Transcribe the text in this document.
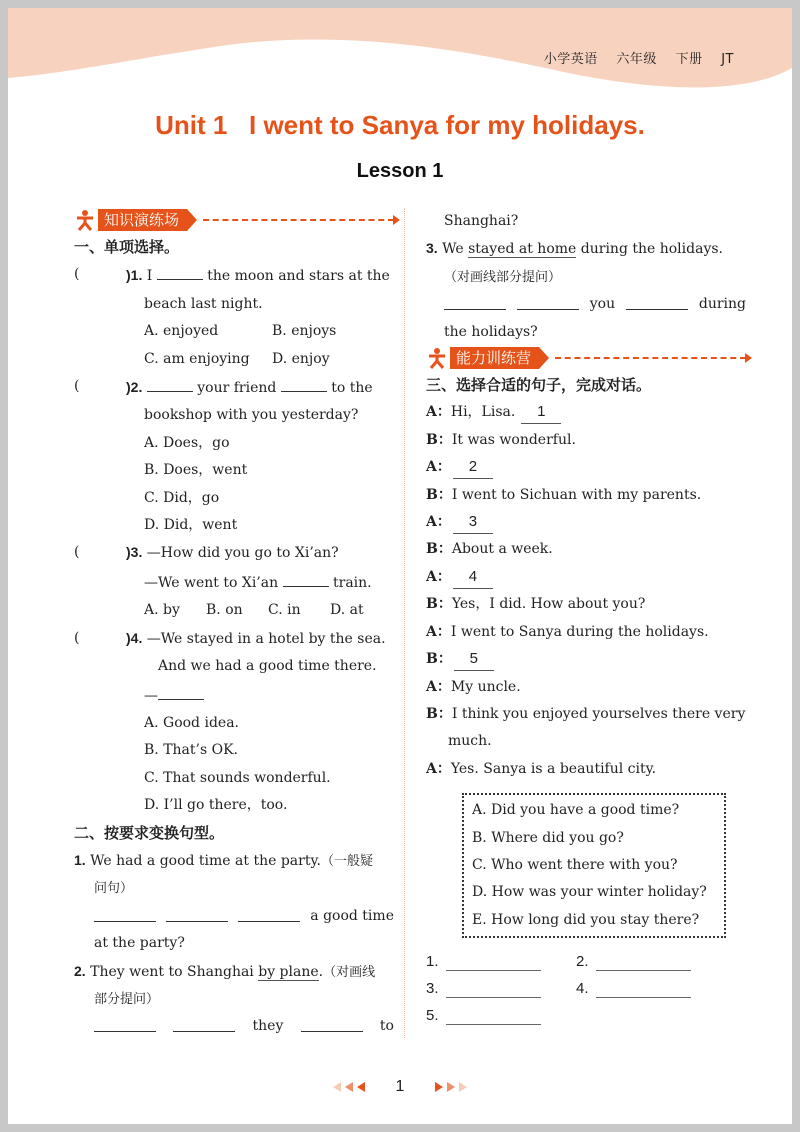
小学英语 六年级 下册 JT
Unit 1   I went to Sanya for my holidays.
Lesson 1
知识演练场
一、单项选择。
(	)1. I	the moon and stars at the
beach last night.
A. enjoyed	B. enjoys
C. am enjoying	D. enjoy
(	)2.	your friend	to the
bookshop with you yesterday?
A. Does，go
B. Does，went
C. Did，go
D. Did，went
(	)3. —How did you go to Xi’an?
—We went to Xi’an	train.
A. by	B. on	C. in	D. at
(	)4. —We stayed in a hotel by the sea.
And we had a good time there.
—
A. Good idea.
B. That’s OK.
C. That sounds wonderful.
D. I’ll go there，too.
二、按要求变换句型。
1. We had a good time at the party.（一般疑
问句）
a good time
at the party?
2. They went to Shanghai by plane.（对画线
部分提问）
they	to
Shanghai?
3. We stayed at home during the holidays.
（对画线部分提问）
you	during
the holidays?
能力训练营
三、选择合适的句子，完成对话。
A：Hi，Lisa. 1
B：It was wonderful.
A： 2
B：I went to Sichuan with my parents.
A： 3
B：About a week.
A： 4
B：Yes，I did. How about you?
A：I went to Sanya during the holidays.
B： 5
A：My uncle.
B：I think you enjoyed yourselves there very
much.
A：Yes. Sanya is a beautiful city.
A. Did you have a good time?
B. Where did you go?
C. Who went there with you?
D. How was your winter holiday?
E. How long did you stay there?
1.	2.
3.	4.
5.
1
